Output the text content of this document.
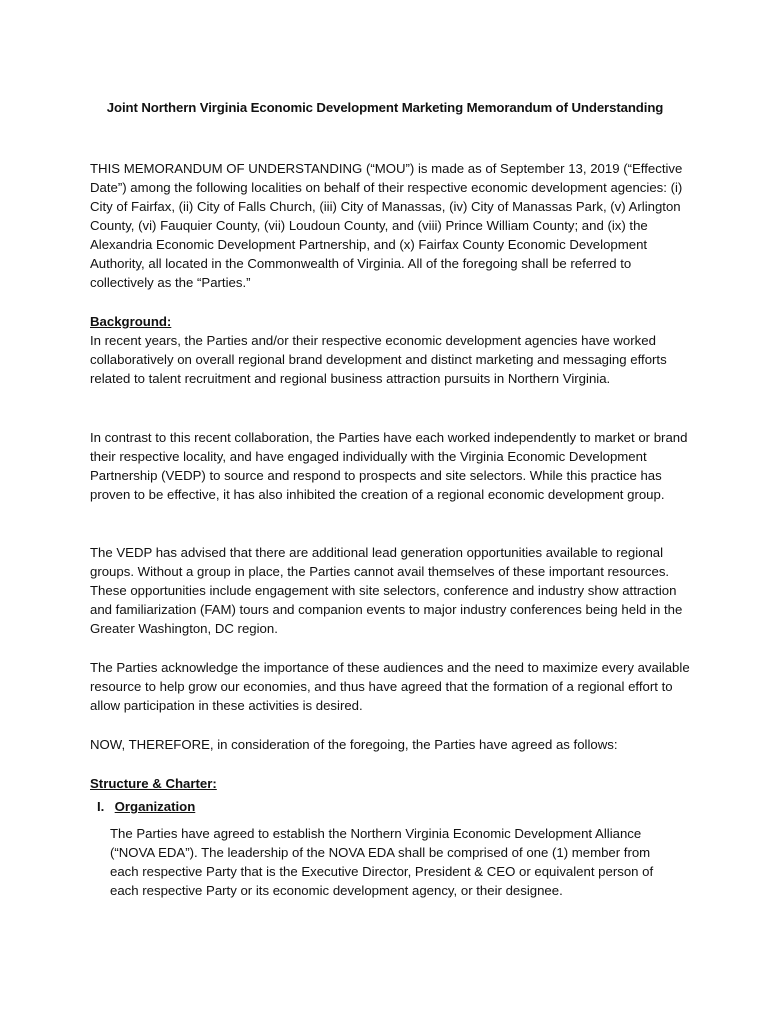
Joint Northern Virginia Economic Development Marketing Memorandum of Understanding

THIS MEMORANDUM OF UNDERSTANDING (“MOU”) is made as of September 13, 2019 (“Effective Date”) among the following localities on behalf of their respective economic development agencies: (i) City of Fairfax, (ii) City of Falls Church, (iii) City of Manassas, (iv) City of Manassas Park, (v) Arlington County, (vi) Fauquier County, (vii) Loudoun County, and (viii) Prince William County; and (ix) the Alexandria Economic Development Partnership, and (x) Fairfax County Economic Development Authority, all located in the Commonwealth of Virginia. All of the foregoing shall be referred to collectively as the “Parties.”

Background:

In recent years, the Parties and/or their respective economic development agencies have worked collaboratively on overall regional brand development and distinct marketing and messaging efforts related to talent recruitment and regional business attraction pursuits in Northern Virginia.

In contrast to this recent collaboration, the Parties have each worked independently to market or brand their respective locality, and have engaged individually with the Virginia Economic Development Partnership (VEDP) to source and respond to prospects and site selectors. While this practice has proven to be effective, it has also inhibited the creation of a regional economic development group.

The VEDP has advised that there are additional lead generation opportunities available to regional groups. Without a group in place, the Parties cannot avail themselves of these important resources. These opportunities include engagement with site selectors, conference and industry show attraction and familiarization (FAM) tours and companion events to major industry conferences being held in the Greater Washington, DC region.

The Parties acknowledge the importance of these audiences and the need to maximize every available resource to help grow our economies, and thus have agreed that the formation of a regional effort to allow participation in these activities is desired.

NOW, THEREFORE, in consideration of the foregoing, the Parties have agreed as follows:

Structure & Charter:

I. Organization

The Parties have agreed to establish the Northern Virginia Economic Development Alliance (“NOVA EDA”). The leadership of the NOVA EDA shall be comprised of one (1) member from each respective Party that is the Executive Director, President & CEO or equivalent person of each respective Party or its economic development agency, or their designee.
